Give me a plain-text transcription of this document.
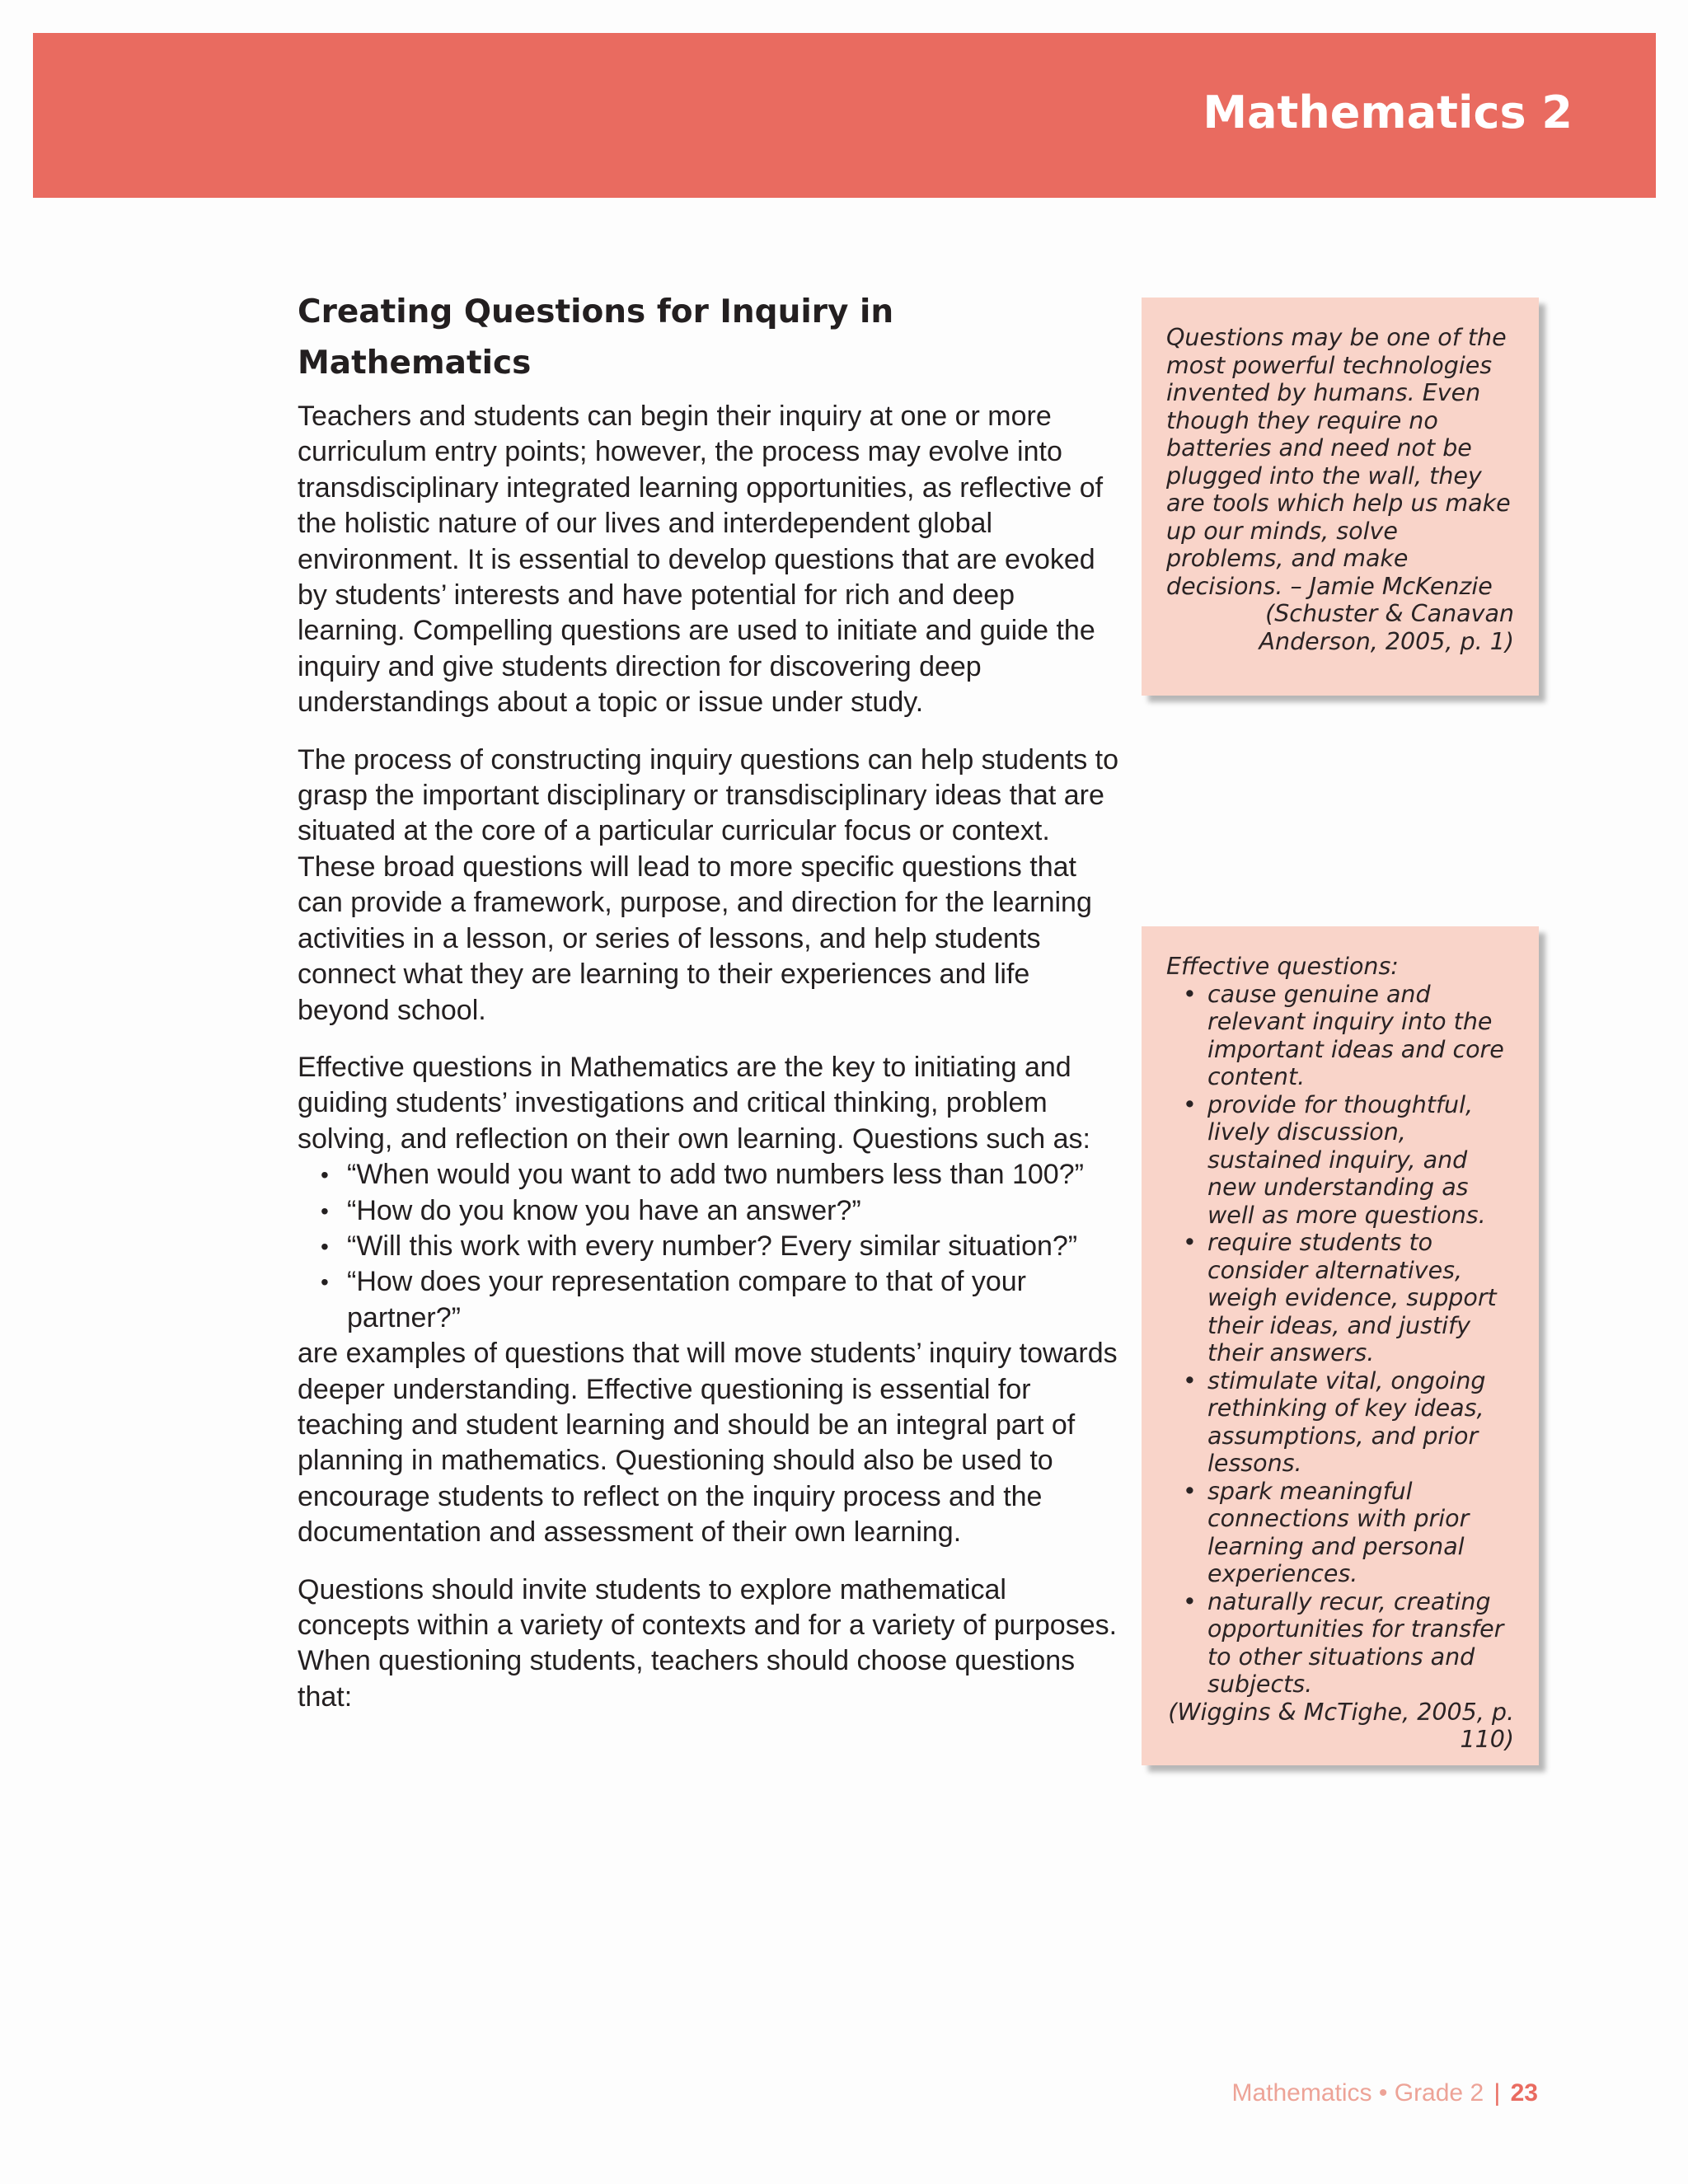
Mathematics 2
Creating Questions for Inquiry in Mathematics

Teachers and students can begin their inquiry at one or more curriculum entry points; however, the process may evolve into transdisciplinary integrated learning opportunities, as reflective of the holistic nature of our lives and interdependent global environment. It is essential to develop questions that are evoked by students’ interests and have potential for rich and deep learning. Compelling questions are used to initiate and guide the inquiry and give students direction for discovering deep understandings about a topic or issue under study.

The process of constructing inquiry questions can help students to grasp the important disciplinary or transdisciplinary ideas that are situated at the core of a particular curricular focus or context. These broad questions will lead to more specific questions that can provide a framework, purpose, and direction for the learning activities in a lesson, or series of lessons, and help students connect what they are learning to their experiences and life beyond school.

Effective questions in Mathematics are the key to initiating and guiding students’ investigations and critical thinking, problem solving, and reflection on their own learning. Questions such as:

• “When would you want to add two numbers less than 100?”
• “How do you know you have an answer?”
• “Will this work with every number? Every similar situation?”
• “How does your representation compare to that of your partner?”

are examples of questions that will move students’ inquiry towards deeper understanding. Effective questioning is essential for teaching and student learning and should be an integral part of planning in mathematics. Questioning should also be used to encourage students to reflect on the inquiry process and the documentation and assessment of their own learning.

Questions should invite students to explore mathematical concepts within a variety of contexts and for a variety of purposes. When questioning students, teachers should choose questions that:

Questions may be one of the most powerful technologies invented by humans. Even though they require no batteries and need not be plugged into the wall, they are tools which help us make up our minds, solve problems, and make decisions. – Jamie McKenzie

(Schuster & Canavan Anderson, 2005, p. 1)

Effective questions:

• cause genuine and relevant inquiry into the important ideas and core content.
• provide for thoughtful, lively discussion, sustained inquiry, and new understanding as well as more questions.
• require students to consider alternatives, weigh evidence, support their ideas, and justify their answers.
• stimulate vital, ongoing rethinking of key ideas, assumptions, and prior lessons.
• spark meaningful connections with prior learning and personal experiences.
• naturally recur, creating opportunities for transfer to other situations and subjects.

(Wiggins & McTighe, 2005, p. 110)

Mathematics • Grade 2 | 23
